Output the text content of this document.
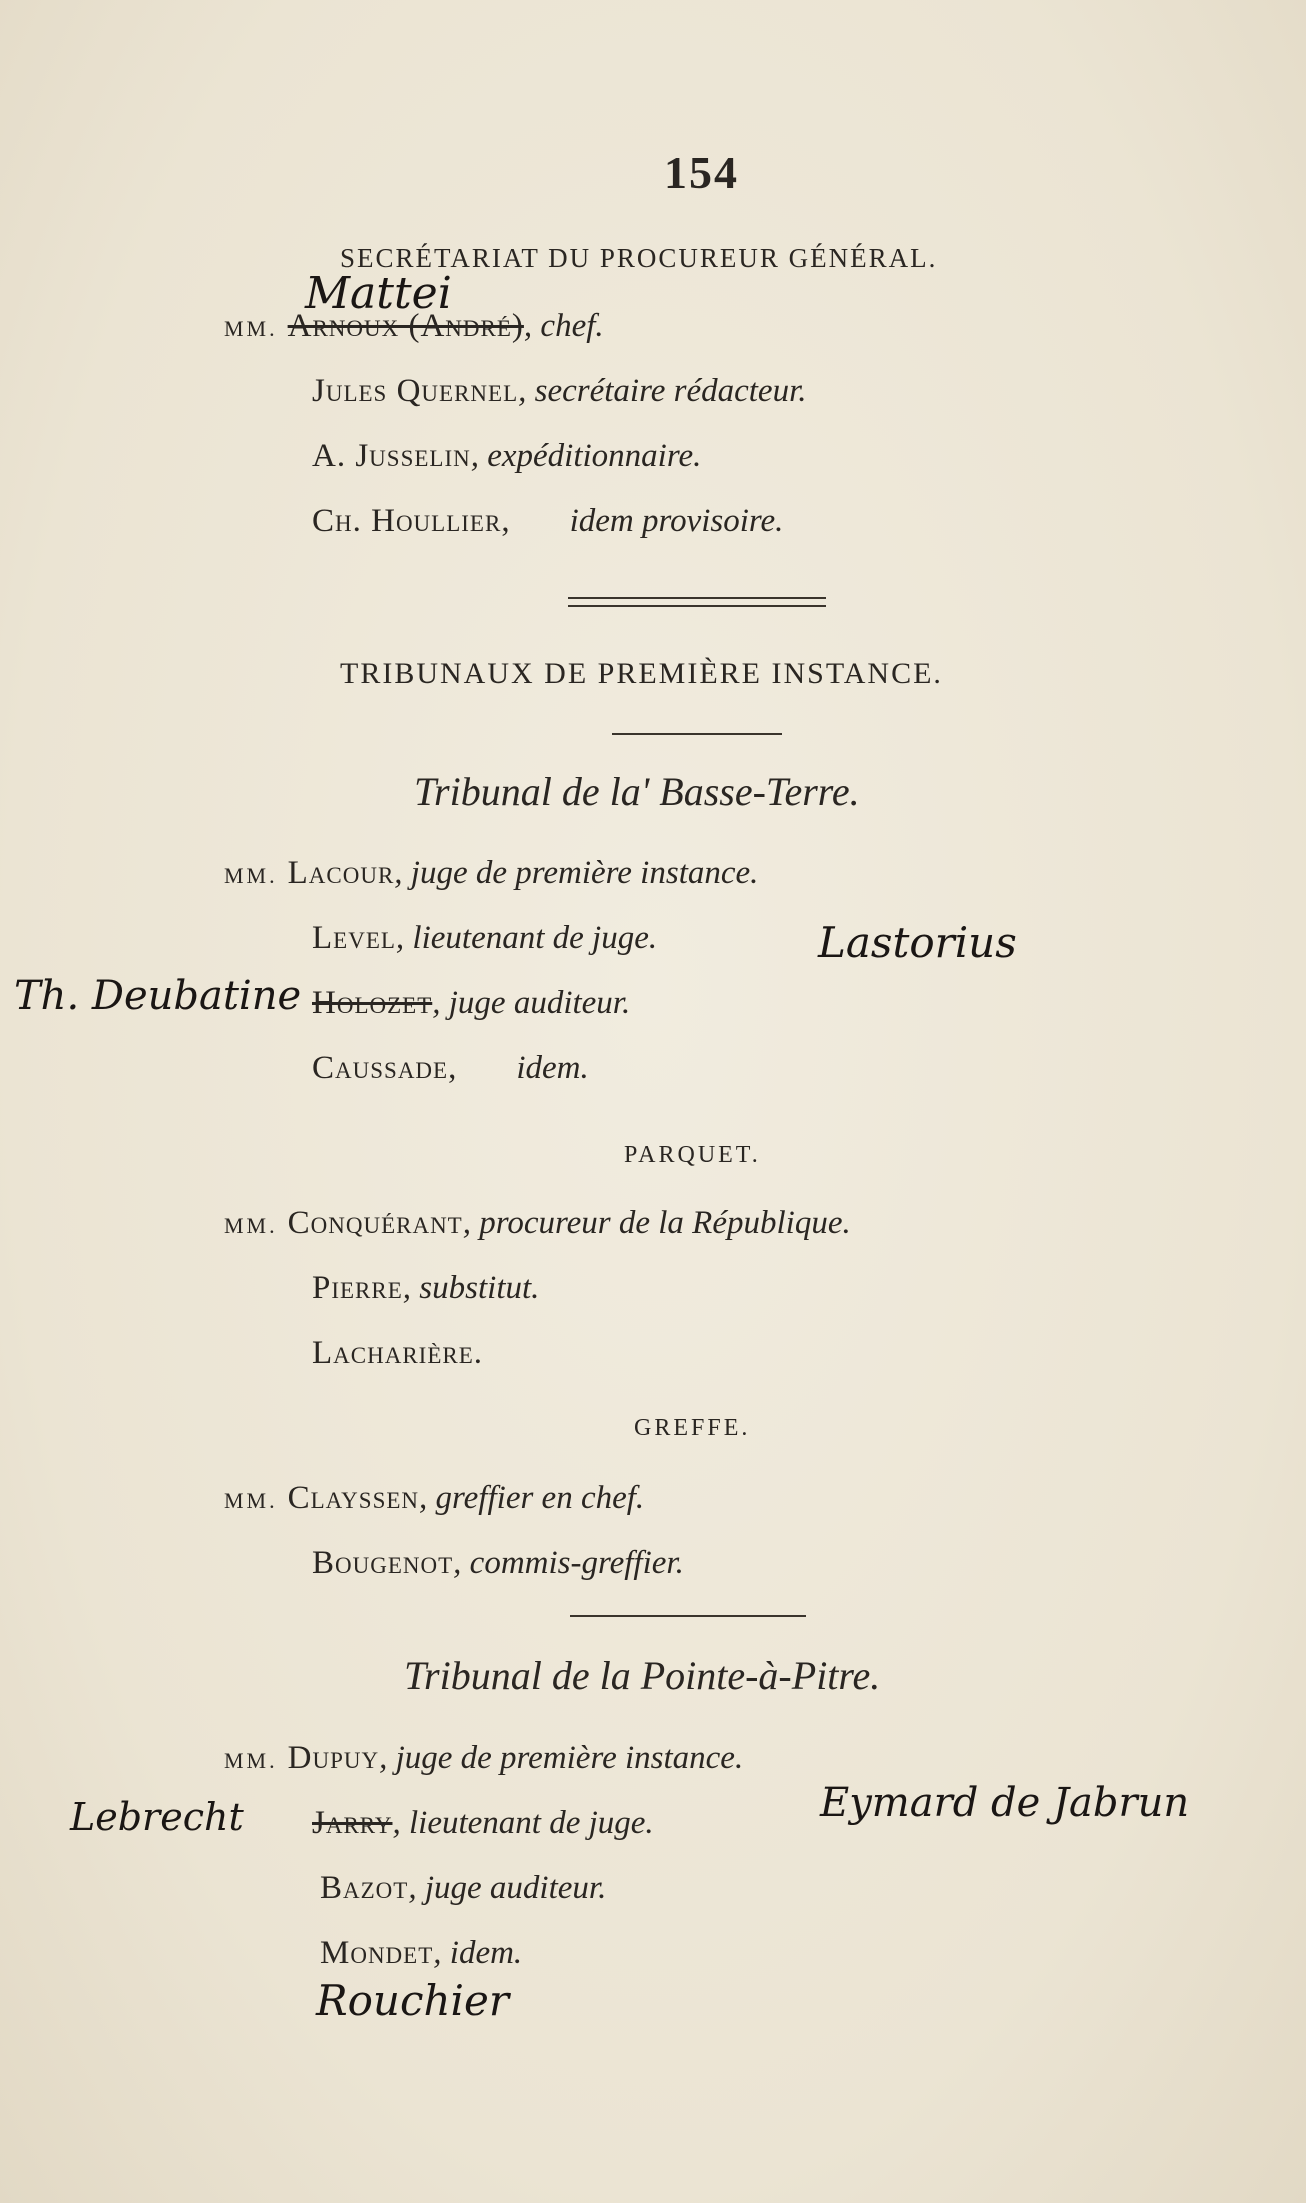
154
SECRÉTARIAT DU PROCUREUR GÉNÉRAL.
Mattei
MM. Arnoux (André), chef.
Jules Quernel, secrétaire rédacteur.
A. Jusselin, expéditionnaire.
Ch. Houllier, idem provisoire.
TRIBUNAUX DE PREMIÈRE INSTANCE.
Tribunal de la' Basse-Terre.
MM. Lacour, juge de première instance.
Level, lieutenant de juge.	Lastorius
Th. Deubatine Holozet, juge auditeur.
Caussade, idem.
PARQUET.
MM. Conquérant, procureur de la République.
Pierre, substitut.
Lacharière.
GREFFE.
MM. Clayssen, greffier en chef.
Bougenot, commis-greffier.
Tribunal de la Pointe-à-Pitre.
MM. Dupuy, juge de première instance.
Lebrecht Jarry, lieutenant de juge.	Eymard de Jabrun
Bazot, juge auditeur.
Mondet, idem.
Rouchier
